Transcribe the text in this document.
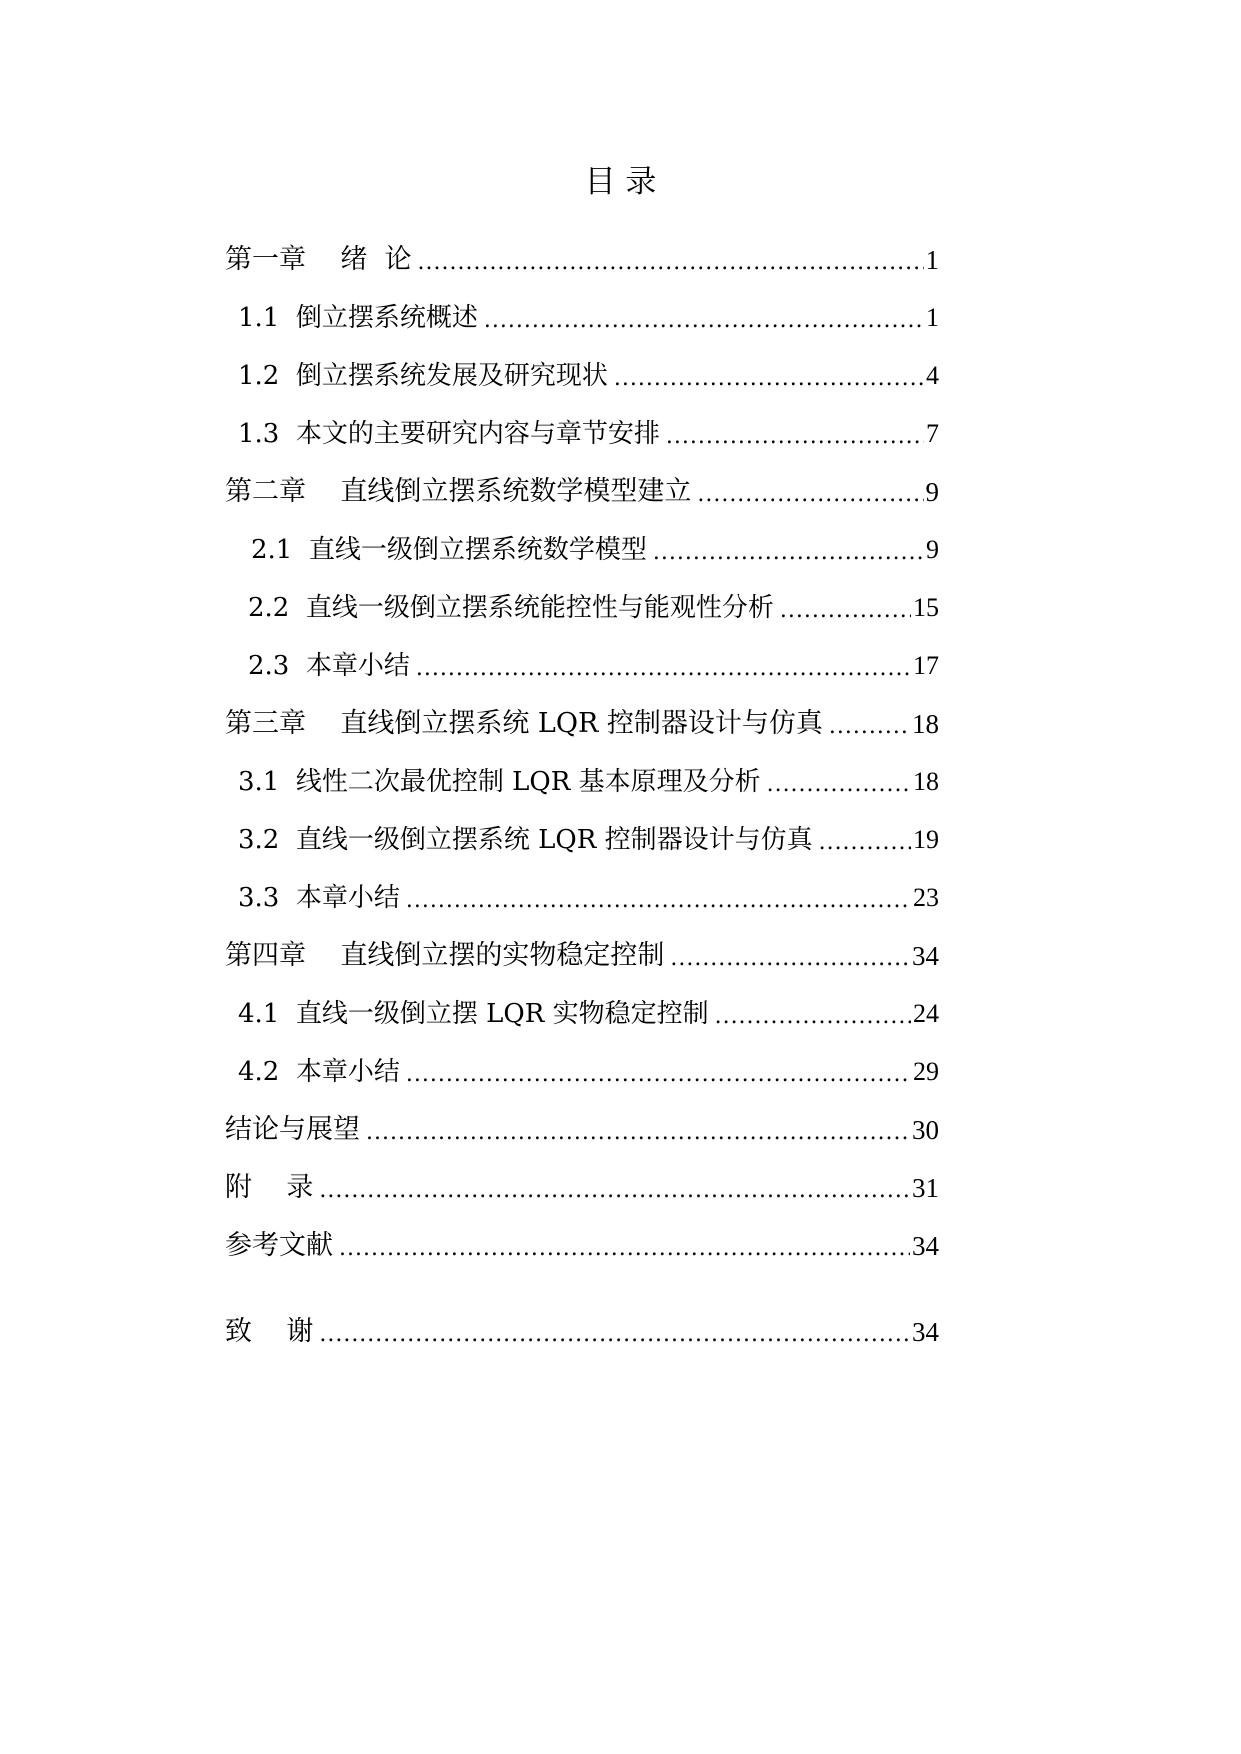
目 录
第一章    绪  论 .....	1
1.1  倒立摆系统概述 .....	1
1.2  倒立摆系统发展及研究现状 .....	4
1.3  本文的主要研究内容与章节安排 .....	7
第二章    直线倒立摆系统数学模型建立 .....	9
2.1  直线一级倒立摆系统数学模型 .....	9
2.2  直线一级倒立摆系统能控性与能观性分析 .....	15
2.3  本章小结 .....	17
第三章    直线倒立摆系统 LQR 控制器设计与仿真 .....	18
3.1  线性二次最优控制 LQR 基本原理及分析 .....	18
3.2  直线一级倒立摆系统 LQR 控制器设计与仿真 .....	19
3.3  本章小结 .....	23
第四章    直线倒立摆的实物稳定控制 .....	34
4.1  直线一级倒立摆 LQR 实物稳定控制 .....	24
4.2  本章小结 .....	29
结论与展望 .....	30
附    录 .....	31
参考文献 .....	34
致    谢 .....	34
